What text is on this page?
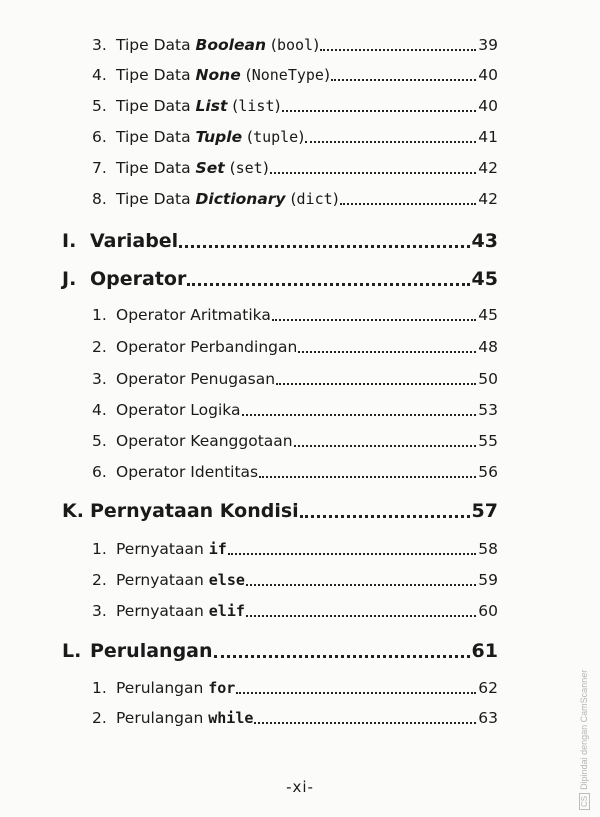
3. Tipe Data Boolean (bool)	39
4. Tipe Data None (NoneType)	40
5. Tipe Data List (list)	40
6. Tipe Data Tuple (tuple)	41
7. Tipe Data Set (set)	42
8. Tipe Data Dictionary (dict)	42
I. Variabel	43
J. Operator	45
1. Operator Aritmatika	45
2. Operator Perbandingan	48
3. Operator Penugasan	50
4. Operator Logika	53
5. Operator Keanggotaan	55
6. Operator Identitas	56
K. Pernyataan Kondisi	57
1. Pernyataan if	58
2. Pernyataan else	59
3. Pernyataan elif	60
L. Perulangan	61
1. Perulangan for	62
2. Perulangan while	63
-xi-
CSDipindai dengan CamScanner
